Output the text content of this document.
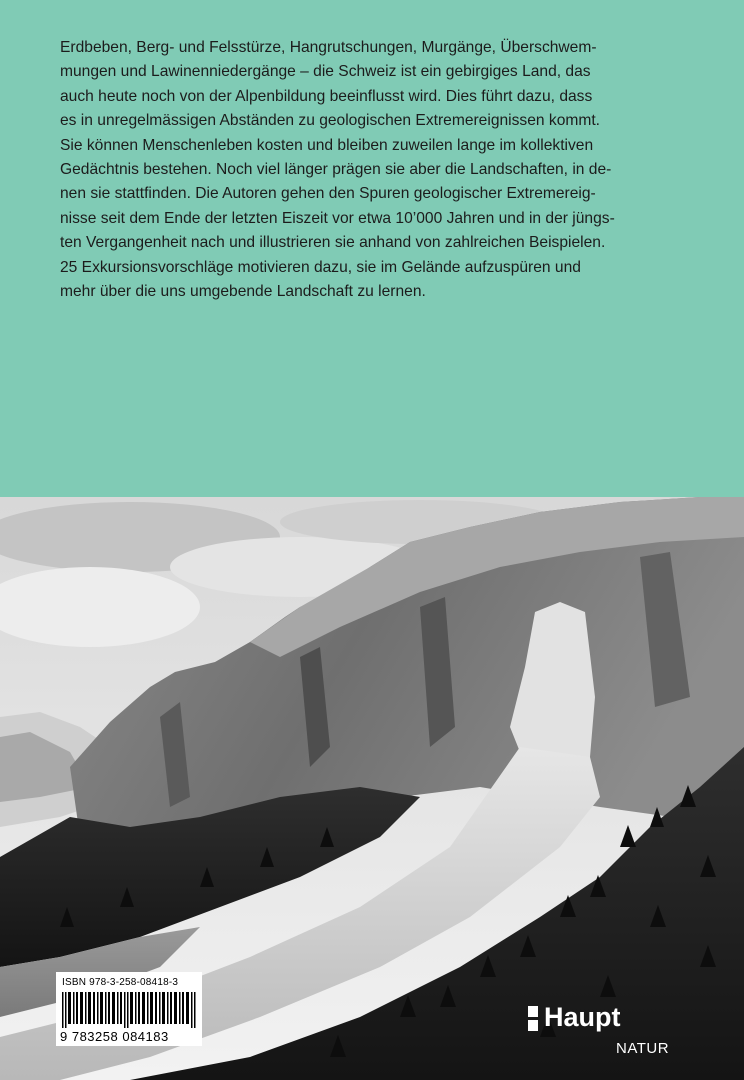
Erdbeben, Berg- und Felsstürze, Hangrutschungen, Murgänge, Überschwem-
mungen und Lawinenniedergänge – die Schweiz ist ein gebirgiges Land, das
auch heute noch von der Alpenbildung beeinflusst wird. Dies führt dazu, dass
es in unregelmässigen Abständen zu geologischen Extremereignissen kommt.
Sie können Menschenleben kosten und bleiben zuweilen lange im kollektiven
Gedächtnis bestehen. Noch viel länger prägen sie aber die Landschaften, in de-
nen sie stattfinden. Die Autoren gehen den Spuren geologischer Extremereig-
nisse seit dem Ende der letzten Eiszeit vor etwa 10’000 Jahren und in der jüngs-
ten Vergangenheit nach und illustrieren sie anhand von zahlreichen Beispielen.
25 Exkursionsvorschläge motivieren dazu, sie im Gelände aufzuspüren und
mehr über die uns umgebende Landschaft zu lernen.

ISBN 978-3-258-08418-3
9 783258 084183
Haupt
NATUR
